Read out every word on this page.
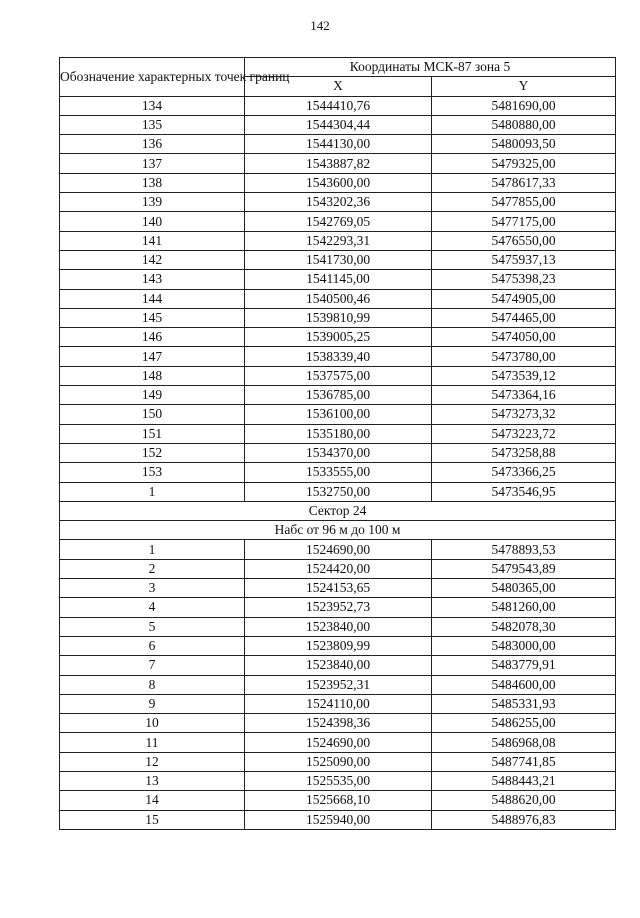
142
Обозначение характерных точек границ	Координаты МСК-87 зона 5	
	X	Y
134	1544410,76	5481690,00
135	1544304,44	5480880,00
136	1544130,00	5480093,50
137	1543887,82	5479325,00
138	1543600,00	5478617,33
139	1543202,36	5477855,00
140	1542769,05	5477175,00
141	1542293,31	5476550,00
142	1541730,00	5475937,13
143	1541145,00	5475398,23
144	1540500,46	5474905,00
145	1539810,99	5474465,00
146	1539005,25	5474050,00
147	1538339,40	5473780,00
148	1537575,00	5473539,12
149	1536785,00	5473364,16
150	1536100,00	5473273,32
151	1535180,00	5473223,72
152	1534370,00	5473258,88
153	1533555,00	5473366,25
1	1532750,00	5473546,95
Сектор 24		
Набс от 96 м до 100 м		
1	1524690,00	5478893,53
2	1524420,00	5479543,89
3	1524153,65	5480365,00
4	1523952,73	5481260,00
5	1523840,00	5482078,30
6	1523809,99	5483000,00
7	1523840,00	5483779,91
8	1523952,31	5484600,00
9	1524110,00	5485331,93
10	1524398,36	5486255,00
11	1524690,00	5486968,08
12	1525090,00	5487741,85
13	1525535,00	5488443,21
14	1525668,10	5488620,00
15	1525940,00	5488976,83
